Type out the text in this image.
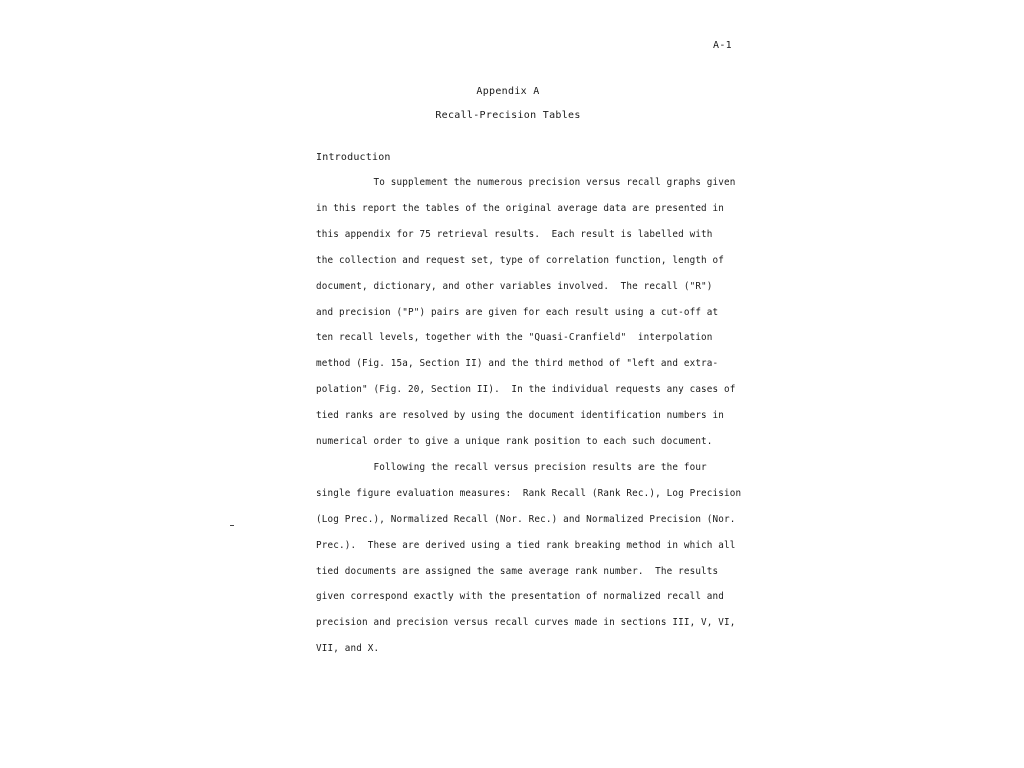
A-1
Appendix A
Recall-Precision Tables
Introduction
To supplement the numerous precision versus recall graphs given
in this report the tables of the original average data are presented in
this appendix for 75 retrieval results.  Each result is labelled with
the collection and request set, type of correlation function, length of
document, dictionary, and other variables involved.  The recall ("R")
and precision ("P") pairs are given for each result using a cut-off at
ten recall levels, together with the "Quasi-Cranfield"  interpolation
method (Fig. 15a, Section II) and the third method of "left and extra-
polation" (Fig. 20, Section II).  In the individual requests any cases of
tied ranks are resolved by using the document identification numbers in
numerical order to give a unique rank position to each such document.
Following the recall versus precision results are the four
single figure evaluation measures:  Rank Recall (Rank Rec.), Log Precision
(Log Prec.), Normalized Recall (Nor. Rec.) and Normalized Precision (Nor.
Prec.).  These are derived using a tied rank breaking method in which all
tied documents are assigned the same average rank number.  The results
given correspond exactly with the presentation of normalized recall and
precision and precision versus recall curves made in sections III, V, VI,
VII, and X.
